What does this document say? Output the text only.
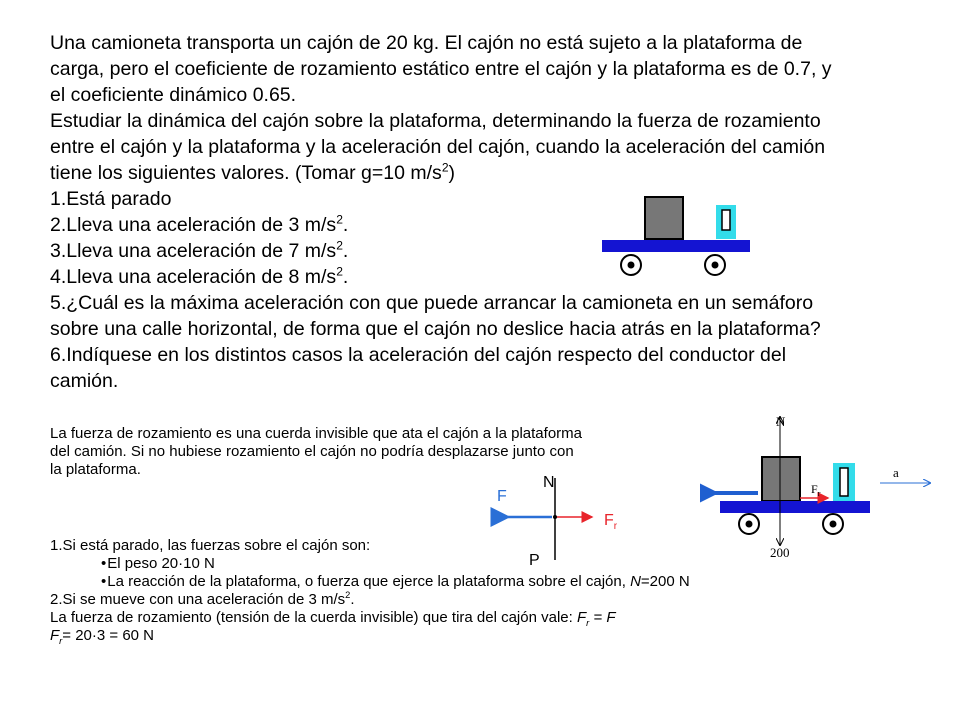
Una camioneta transporta un cajón de 20 kg. El cajón no está sujeto a la plataforma de
carga, pero el coeficiente de rozamiento estático entre el cajón y la plataforma es de 0.7, y
el coeficiente dinámico 0.65.
Estudiar la dinámica del cajón sobre la plataforma, determinando la fuerza de rozamiento
entre el cajón y la plataforma y la aceleración del cajón, cuando la aceleración del camión
tiene los siguientes valores. (Tomar g=10 $m/s^2$)
1.Está parado
2.Lleva una aceleración de 3 $m/s^2$.
3.Lleva una aceleración de 7 $m/s^2$.
4.Lleva una aceleración de 8 $m/s^2$.
5.¿Cuál es la máxima aceleración con que puede arrancar la camioneta en un semáforo
sobre una calle horizontal, de forma que el cajón no deslice hacia atrás en la plataforma?
6.Indíquese en los distintos casos la aceleración del cajón respecto del conductor del
camión.
La fuerza de rozamiento es una cuerda invisible que ata el cajón a la plataforma
del camión. Si no hubiese rozamiento el cajón no podría desplazarse junto con
la plataforma.
N
F
$F_r$
P
N
$F_r$
a
200
1.Si está parado, las fuerzas sobre el cajón son:
• El peso 20·10 N
• La reacción de la plataforma, o fuerza que ejerce la plataforma sobre el cajón, N=200 N
2.Si se mueve con una aceleración de 3 $m/s^2$.
La fuerza de rozamiento (tensión de la cuerda invisible) que tira del cajón vale: $F_r = F$
$F_r= 20\cdot 3 = 60$ N
